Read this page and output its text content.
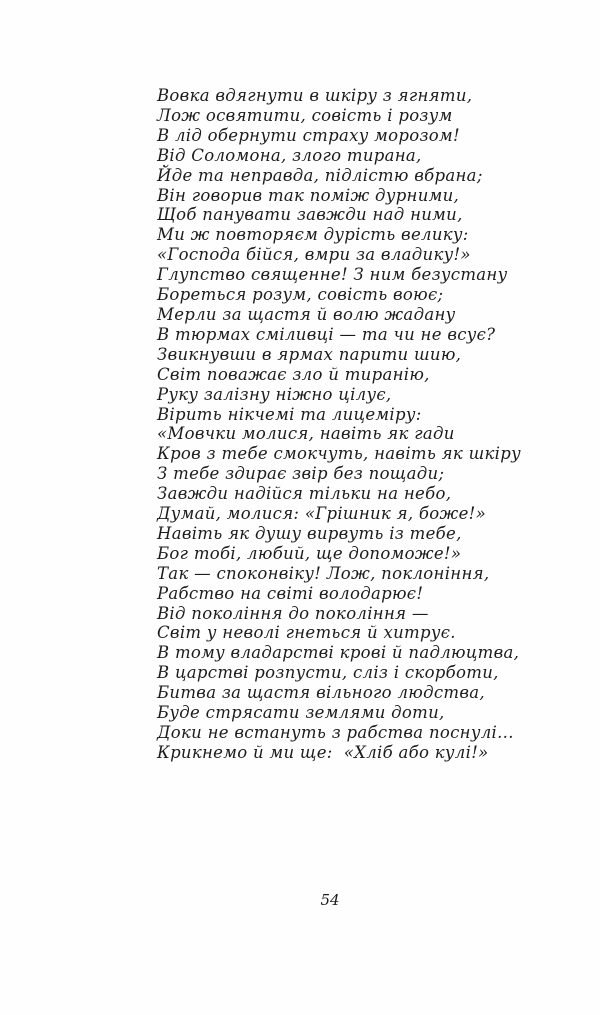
Вовка вдягнути в шкіру з ягняти,
Лож освятити, совість і розум
В лід обернути страху морозом!
Від Соломона, злого тирана,
Йде та неправда, підлістю вбрана;
Він говорив так поміж дурними,
Щоб панувати завжди над ними,
Ми ж повторяєм дурість велику:
«Господа бійся, вмри за владику!»
Глупство священне! З ним безустану
Бореться розум, совість воює;
Мерли за щастя й волю жадану
В тюрмах сміливці — та чи не всує?
Звикнувши в ярмах парити шию,
Світ поважає зло й тиранію,
Руку залізну ніжно цілує,
Вірить нікчемі та лицеміру:
«Мовчки молися, навіть як гади
Кров з тебе смокчуть, навіть як шкіру
З тебе здирає звір без пощади;
Завжди надійся тільки на небо,
Думай, молися: «Грішник я, боже!»
Навіть як душу вирвуть із тебе,
Бог тобі, любий, ще допоможе!»
Так — споконвіку! Лож, поклоніння,
Рабство на світі володарює!
Від покоління до покоління —
Світ у неволі гнеться й хитрує.
В тому владарстві крові й падлюцтва,
В царстві розпусти, сліз і скорботи,
Битва за щастя вільного людства,
Буде стрясати землями доти,
Доки не встануть з рабства поснулі...
Крикнемо й ми ще:  «Хліб або кулі!»
54
